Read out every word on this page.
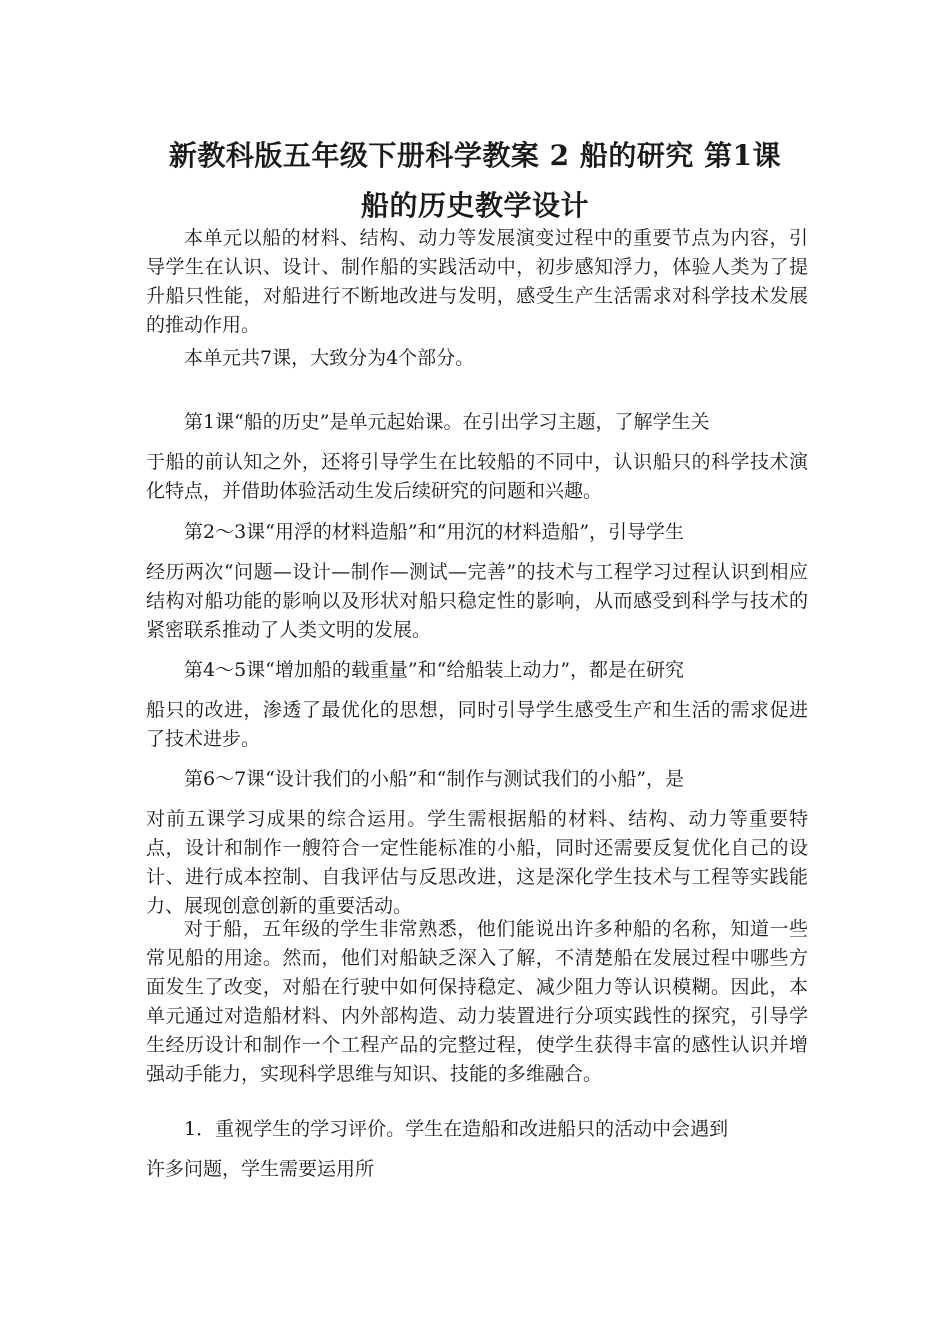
新教科版五年级下册科学教案 2 船的研究 第1课
船的历史教学设计

本单元以船的材料、结构、动力等发展演变过程中的重要节点为内容，引导学生在认识、设计、制作船的实践活动中，初步感知浮力，体验人类为了提升船只性能，对船进行不断地改进与发明，感受生产生活需求对科学技术发展的推动作用。

本单元共7课，大致分为4个部分。

第1课“船的历史”是单元起始课。在引出学习主题，了解学生关

于船的前认知之外，还将引导学生在比较船的不同中，认识船只的科学技术演化特点，并借助体验活动生发后续研究的问题和兴趣。

第2～3课“用浮的材料造船”和“用沉的材料造船”，引导学生

经历两次“问题—设计—制作—测试—完善”的技术与工程学习过程认识到相应结构对船功能的影响以及形状对船只稳定性的影响，从而感受到科学与技术的紧密联系推动了人类文明的发展。

第4～5课“增加船的载重量”和“给船装上动力”，都是在研究

船只的改进，渗透了最优化的思想，同时引导学生感受生产和生活的需求促进了技术进步。

第6～7课“设计我们的小船”和“制作与测试我们的小船”，是

对前五课学习成果的综合运用。学生需根据船的材料、结构、动力等重要特点，设计和制作一艘符合一定性能标准的小船，同时还需要反复优化自己的设计、进行成本控制、自我评估与反思改进，这是深化学生技术与工程等实践能力、展现创意创新的重要活动。

对于船，五年级的学生非常熟悉，他们能说出许多种船的名称，知道一些常见船的用途。然而，他们对船缺乏深入了解，不清楚船在发展过程中哪些方面发生了改变，对船在行驶中如何保持稳定、减少阻力等认识模糊。因此，本单元通过对造船材料、内外部构造、动力装置进行分项实践性的探究，引导学生经历设计和制作一个工程产品的完整过程，使学生获得丰富的感性认识并增强动手能力，实现科学思维与知识、技能的多维融合。

1．重视学生的学习评价。学生在造船和改进船只的活动中会遇到

许多问题，学生需要运用所
